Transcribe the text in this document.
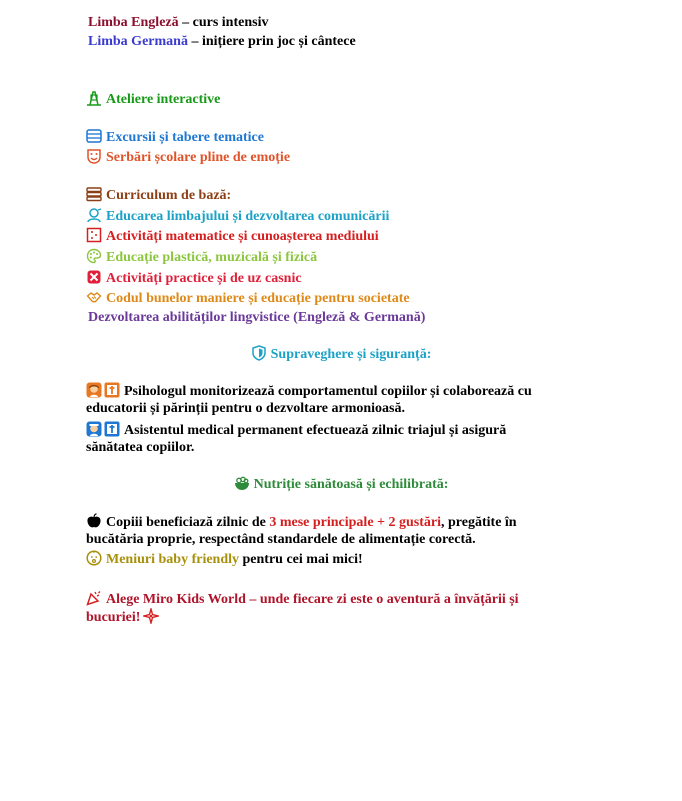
Limba Engleză – curs intensiv
Limba Germană – inițiere prin joc și cântece
Ateliere interactive
Excursii și tabere tematice
Serbări școlare pline de emoție
Curriculum de bază:
Educarea limbajului și dezvoltarea comunicării
Activități matematice și cunoașterea mediului
Educație plastică, muzicală și fizică
Activități practice și de uz casnic
Codul bunelor maniere și educație pentru societate
Dezvoltarea abilităților lingvistice (Engleză & Germană)
Supraveghere și siguranță:
Psihologul monitorizează comportamentul copiilor și colaborează cu
educatorii și părinții pentru o dezvoltare armonioasă.
Asistentul medical permanent efectuează zilnic triajul și asigură
sănătatea copiilor.
Nutriție sănătoasă și echilibrată:
Copiii beneficiază zilnic de 3 mese principale + 2 gustări, pregătite în
bucătăria proprie, respectând standardele de alimentație corectă.
Meniuri baby friendly pentru cei mai mici!
Alege Miro Kids World – unde fiecare zi este o aventură a învățării și
bucuriei!
